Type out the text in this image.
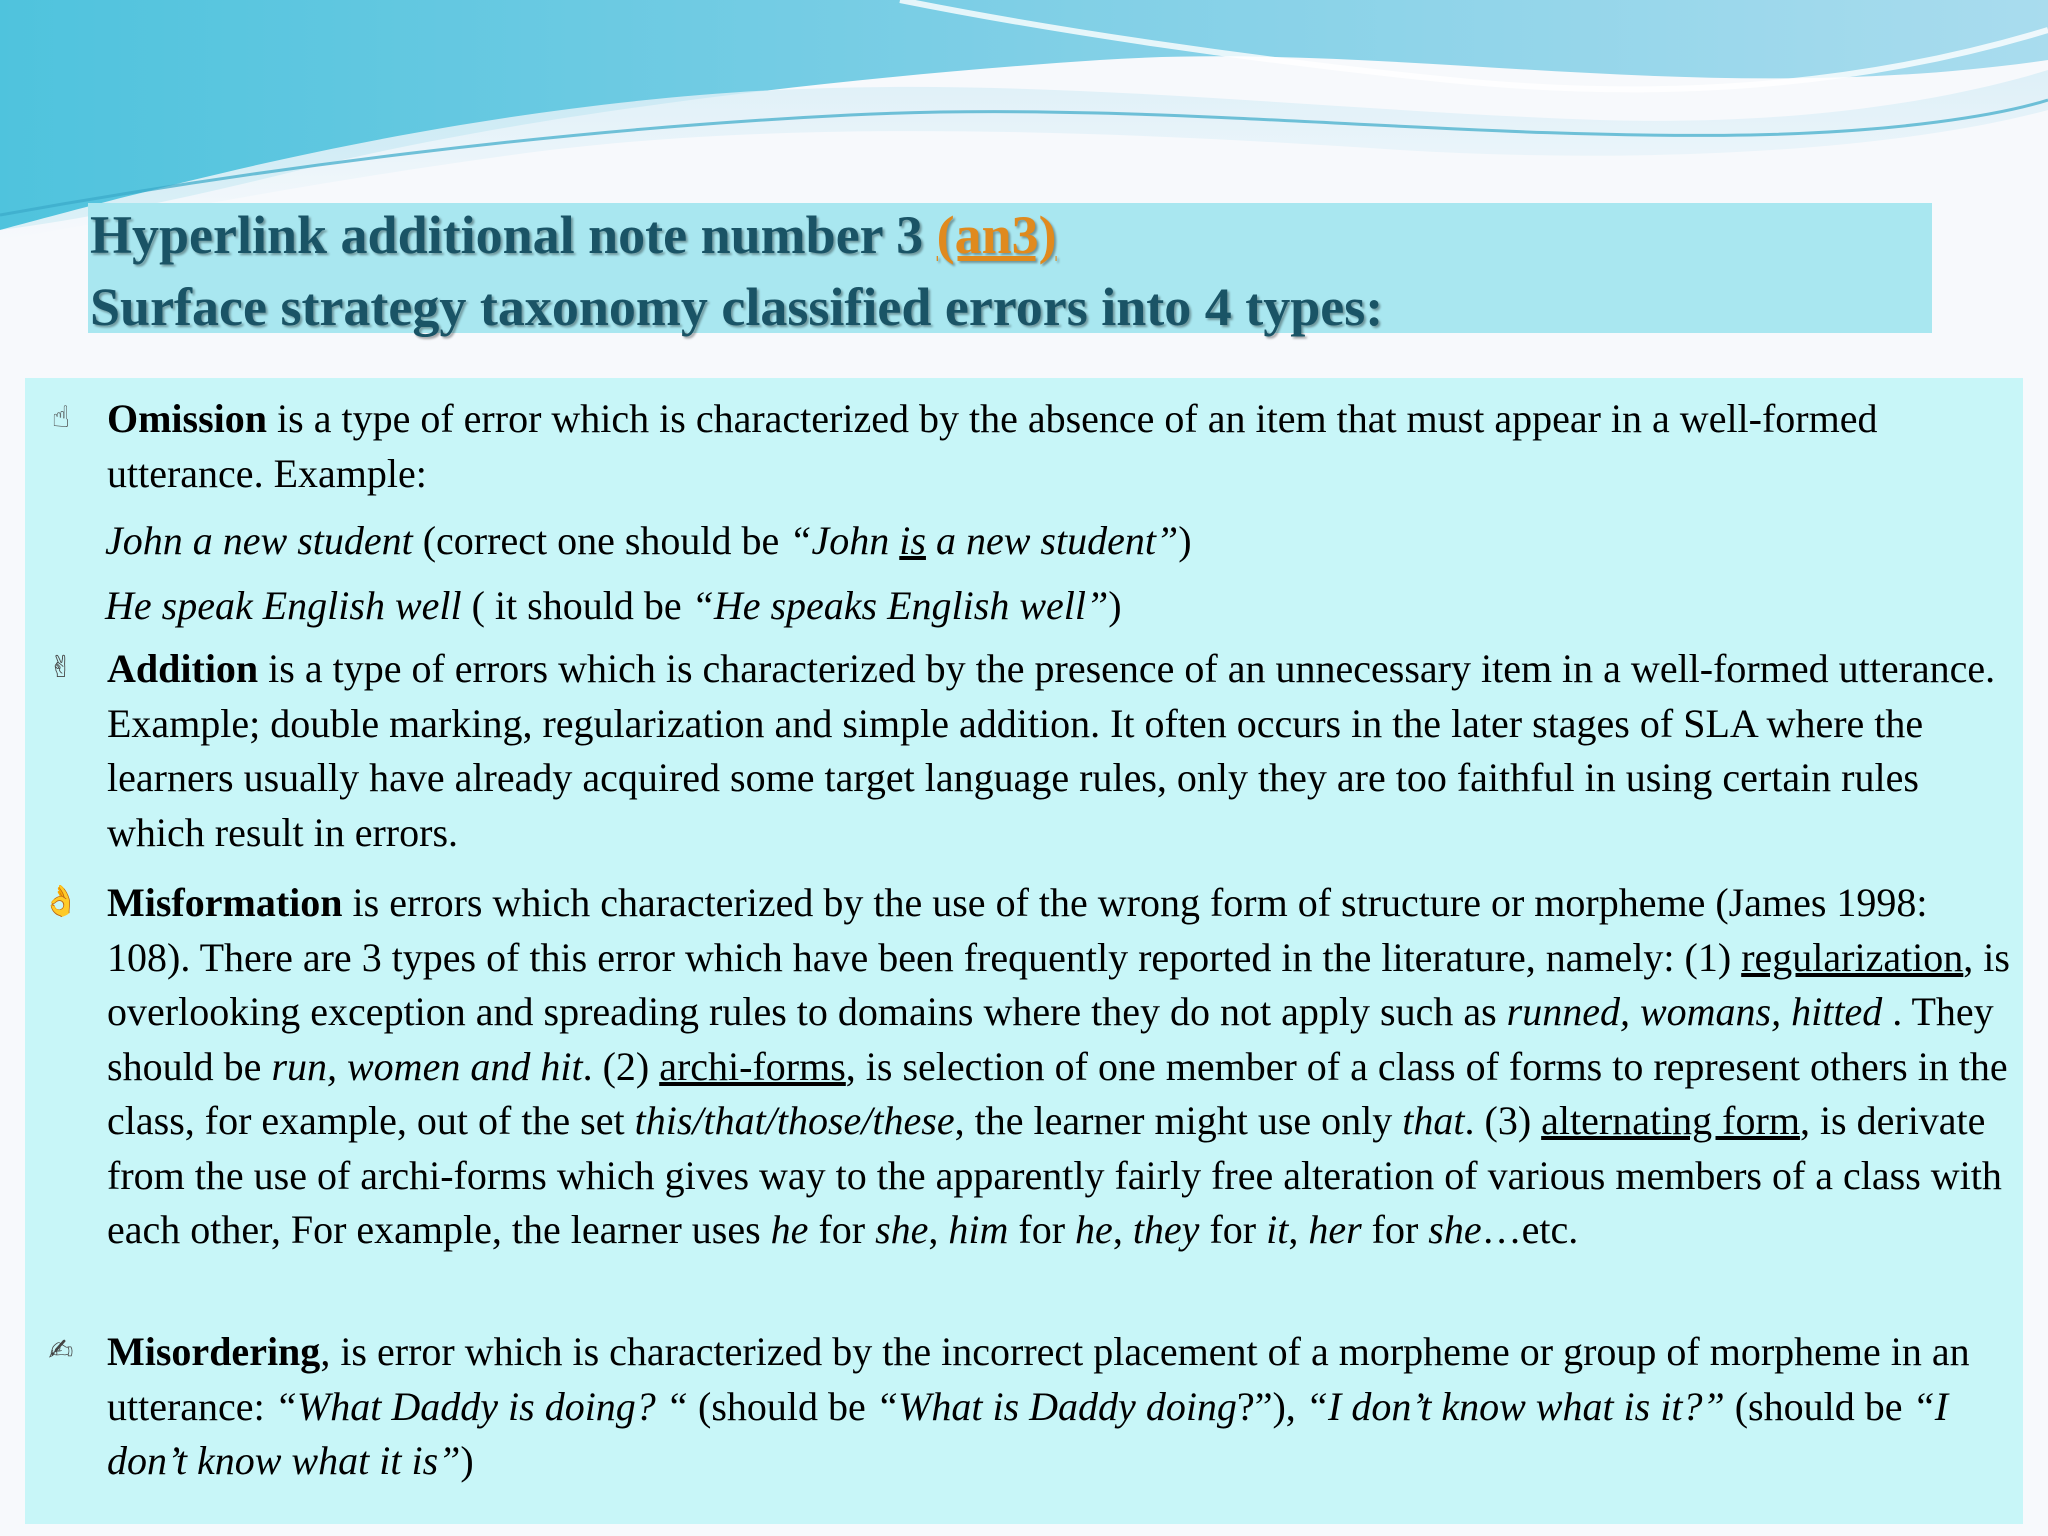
Hyperlink additional note number 3 (an3)
Surface strategy taxonomy classified errors into 4 types:
☝ Omission is a type of error which is characterized by the absence of an item that must appear in a well-formed utterance. Example:
John a new student (correct one should be “John is a new student”)
He speak English well ( it should be “He speaks English well”)
✌ Addition is a type of errors which is characterized by the presence of an unnecessary item in a well-formed utterance. Example; double marking, regularization and simple addition. It often occurs in the later stages of SLA where the learners usually have already acquired some target language rules, only they are too faithful in using certain rules which result in errors.
👌 Misformation is errors which characterized by the use of the wrong form of structure or morpheme (James 1998: 108). There are 3 types of this error which have been frequently reported in the literature, namely: (1) regularization, is overlooking exception and spreading rules to domains where they do not apply such as runned, womans, hitted . They should be run, women and hit. (2) archi-forms, is selection of one member of a class of forms to represent others in the class, for example, out of the set this/that/those/these, the learner might use only that. (3) alternating form, is derivate from the use of archi-forms which gives way to the apparently fairly free alteration of various members of a class with each other, For example, the learner uses he for she, him for he, they for it, her for she…etc.
✍ Misordering, is error which is characterized by the incorrect placement of a morpheme or group of morpheme in an utterance: “What Daddy is doing? “ (should be “What is Daddy doing?”), “I don’t know what is it?” (should be “I don’t know what it is”)
